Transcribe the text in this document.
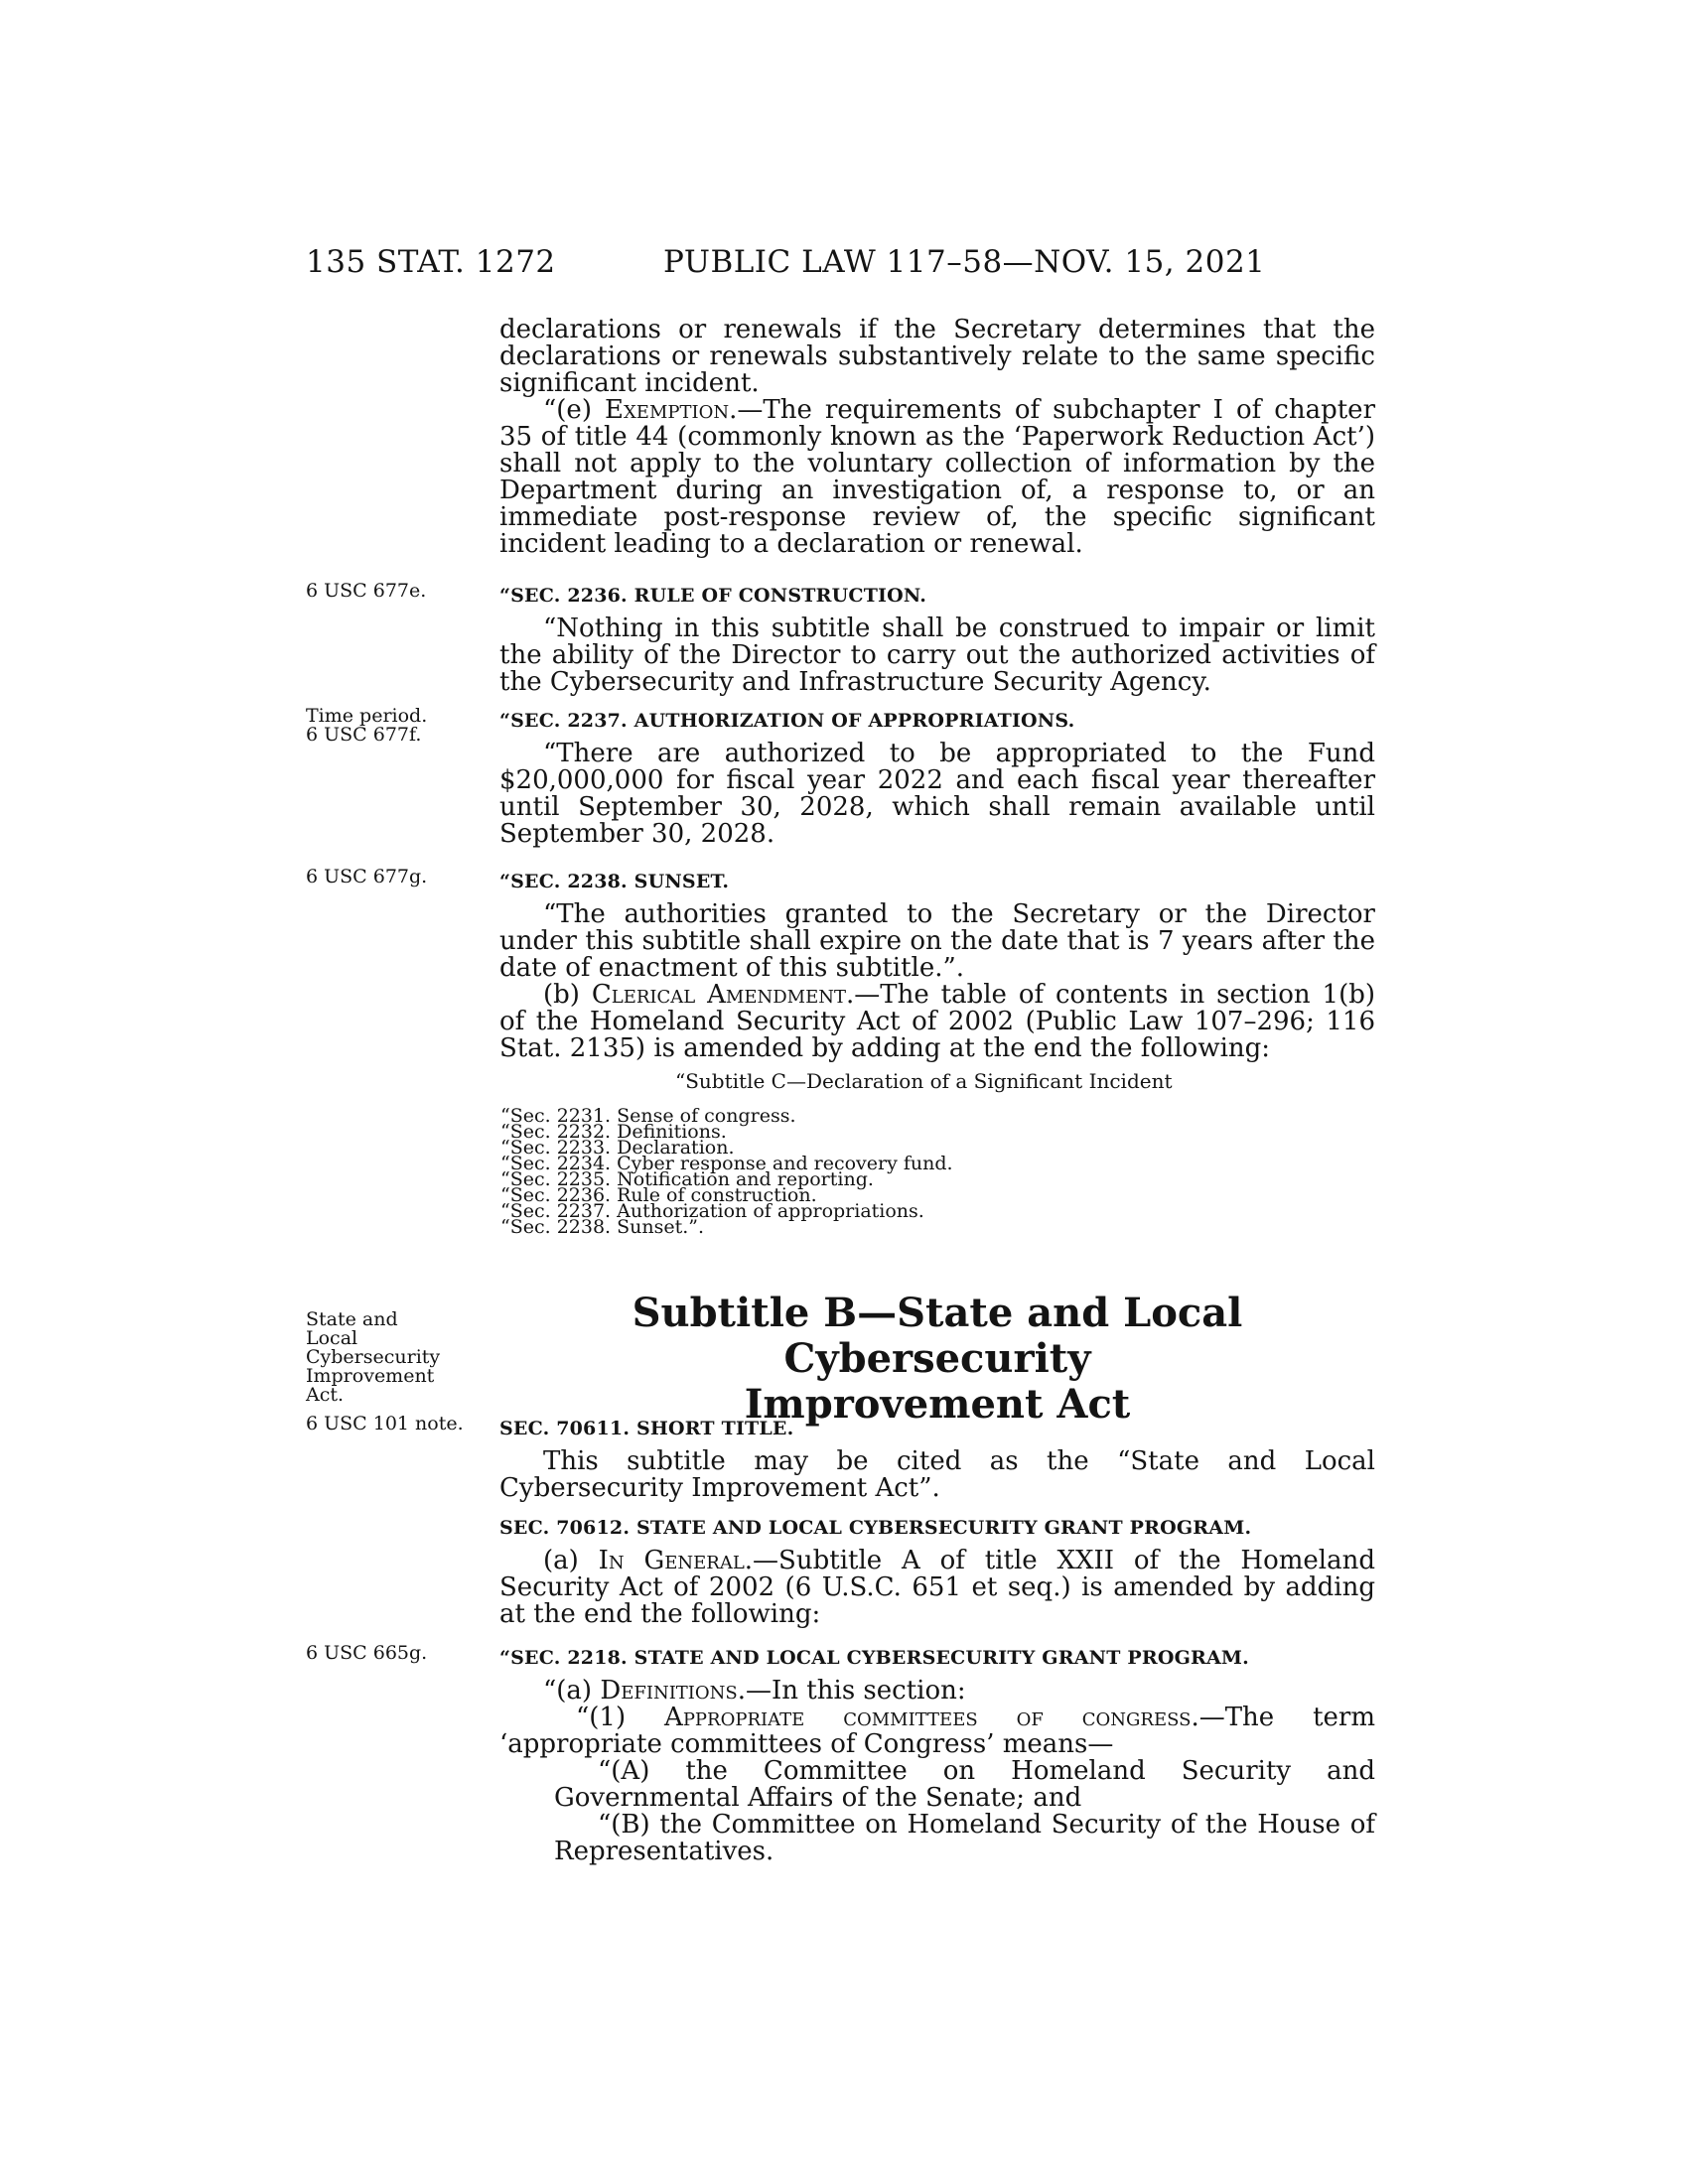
135 STAT. 1272	PUBLIC LAW 117–58—NOV. 15, 2021
6 USC 677e.
Time period.
6 USC 677f.
6 USC 677g.
State and Local Cybersecurity Improvement Act.
6 USC 101 note.
6 USC 665g.

declarations or renewals if the Secretary determines that the declarations or renewals substantively relate to the same specific significant incident.

“(e) Exemption.—The requirements of subchapter I of chapter 35 of title 44 (commonly known as the ‘Paperwork Reduction Act’) shall not apply to the voluntary collection of information by the Department during an investigation of, a response to, or an immediate post-response review of, the specific significant incident leading to a declaration or renewal.

“SEC. 2236. RULE OF CONSTRUCTION.

“Nothing in this subtitle shall be construed to impair or limit the ability of the Director to carry out the authorized activities of the Cybersecurity and Infrastructure Security Agency.

“SEC. 2237. AUTHORIZATION OF APPROPRIATIONS.

“There are authorized to be appropriated to the Fund $20,000,000 for fiscal year 2022 and each fiscal year thereafter until September 30, 2028, which shall remain available until September 30, 2028.

“SEC. 2238. SUNSET.

“The authorities granted to the Secretary or the Director under this subtitle shall expire on the date that is 7 years after the date of enactment of this subtitle.”.

(b) Clerical Amendment.—The table of contents in section 1(b) of the Homeland Security Act of 2002 (Public Law 107–296; 116 Stat. 2135) is amended by adding at the end the following:

“Subtitle C—Declaration of a Significant Incident
“Sec. 2231. Sense of congress.
“Sec. 2232. Definitions.
“Sec. 2233. Declaration.
“Sec. 2234. Cyber response and recovery fund.
“Sec. 2235. Notification and reporting.
“Sec. 2236. Rule of construction.
“Sec. 2237. Authorization of appropriations.
“Sec. 2238. Sunset.”.
Subtitle B—State and Local Cybersecurity
Improvement Act
SEC. 70611. SHORT TITLE.

This subtitle may be cited as the “State and Local Cybersecurity Improvement Act”.

SEC. 70612. STATE AND LOCAL CYBERSECURITY GRANT PROGRAM.

(a) In General.—Subtitle A of title XXII of the Homeland Security Act of 2002 (6 U.S.C. 651 et seq.) is amended by adding at the end the following:

“SEC. 2218. STATE AND LOCAL CYBERSECURITY GRANT PROGRAM.

“(a) Definitions.—In this section:

“(1) Appropriate committees of congress.—The term ‘appropriate committees of Congress’ means—

“(A) the Committee on Homeland Security and Governmental Affairs of the Senate; and

“(B) the Committee on Homeland Security of the House of Representatives.
